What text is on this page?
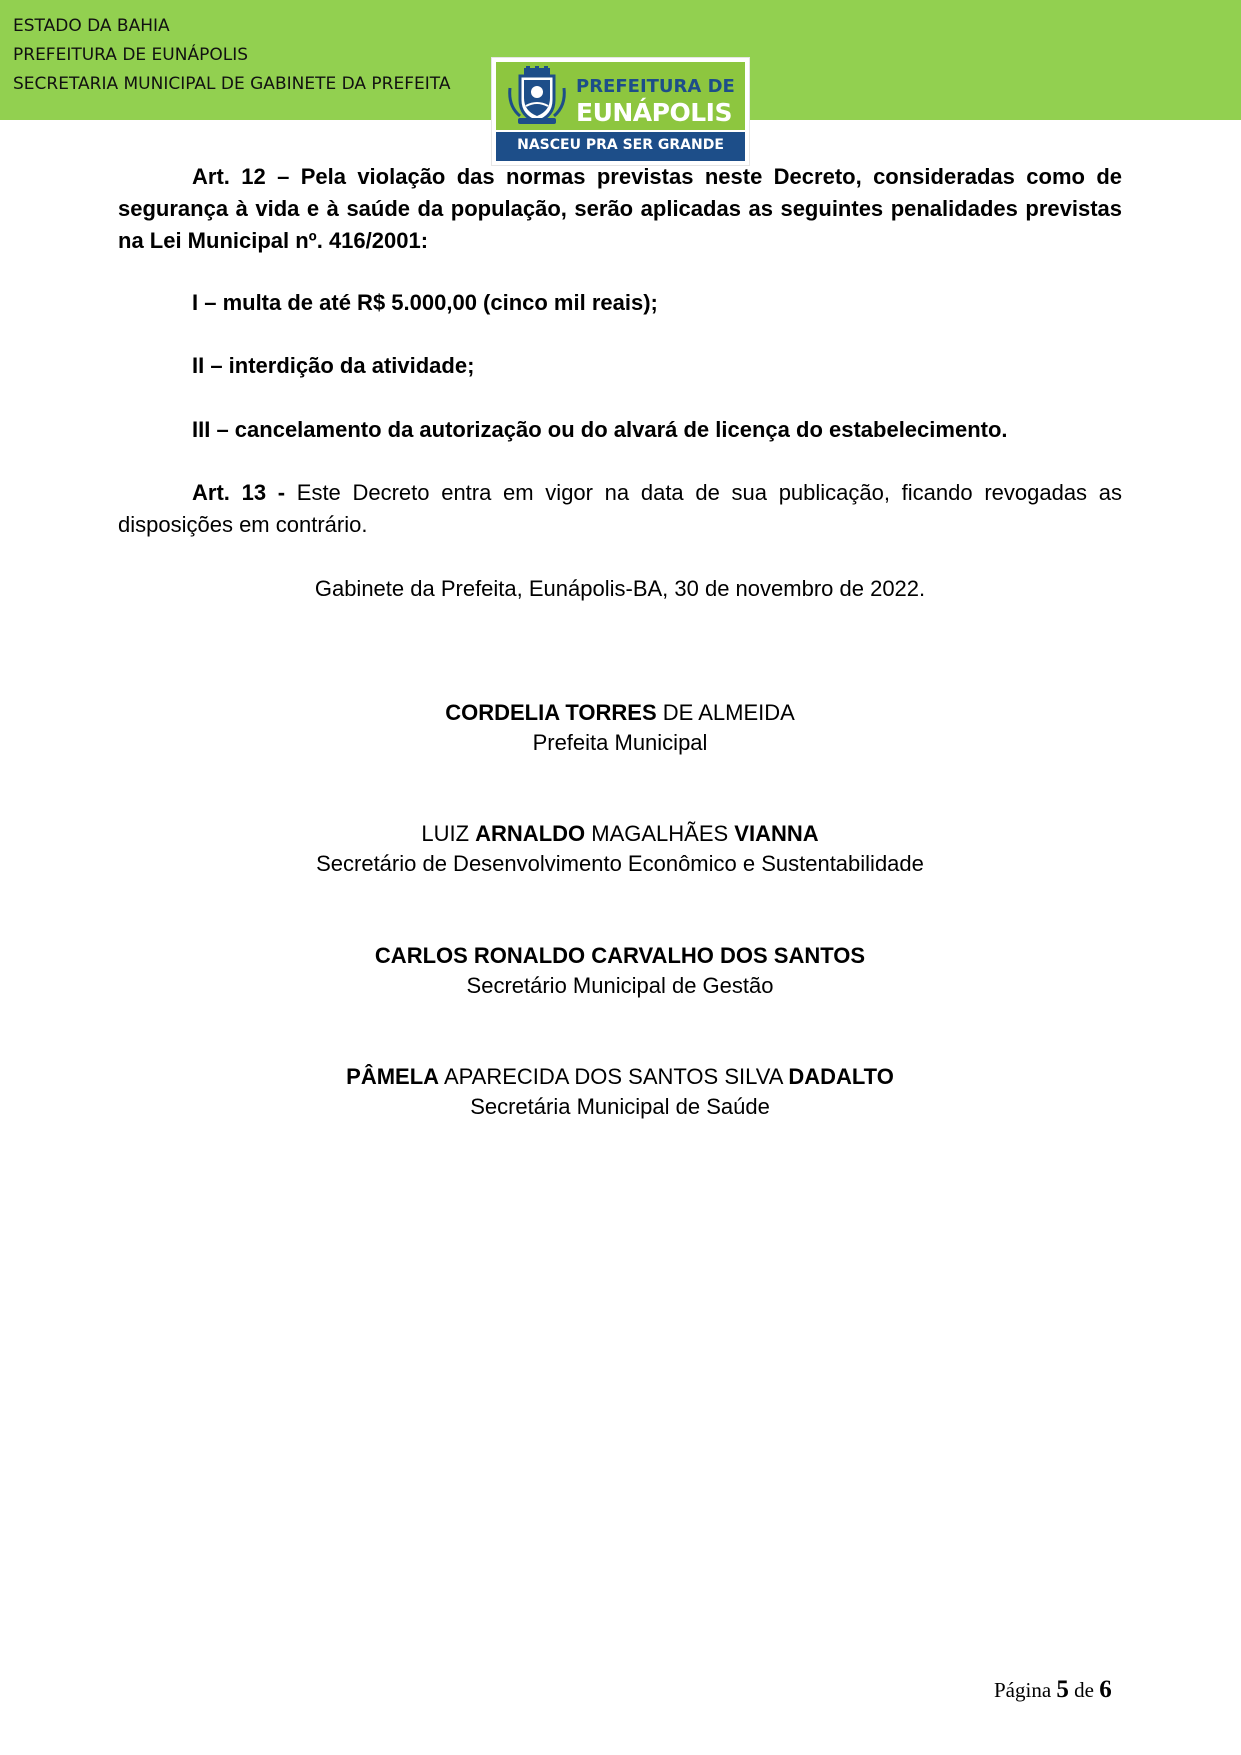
ESTADO DA BAHIA
PREFEITURA DE EUNÁPOLIS
SECRETARIA MUNICIPAL DE GABINETE DA PREFEITA	PREFEITURA DE
EUNÁPOLIS
NASCEU PRA SER GRANDE

Art. 12 – Pela violação das normas previstas neste Decreto, consideradas como de segurança à vida e à saúde da população, serão aplicadas as seguintes penalidades previstas na Lei Municipal nº. 416/2001:

I – multa de até R$ 5.000,00 (cinco mil reais);

II – interdição da atividade;

III – cancelamento da autorização ou do alvará de licença do estabelecimento.

Art. 13 - Este Decreto entra em vigor na data de sua publicação, ficando revogadas as disposições em contrário.

Gabinete da Prefeita, Eunápolis-BA, 30 de novembro de 2022.

CORDELIA TORRES DE ALMEIDA

Prefeita Municipal

LUIZ ARNALDO MAGALHÃES VIANNA

Secretário de Desenvolvimento Econômico e Sustentabilidade

CARLOS RONALDO CARVALHO DOS SANTOS

Secretário Municipal de Gestão

PÂMELA APARECIDA DOS SANTOS SILVA DADALTO

Secretária Municipal de Saúde

Página 5 de 6
